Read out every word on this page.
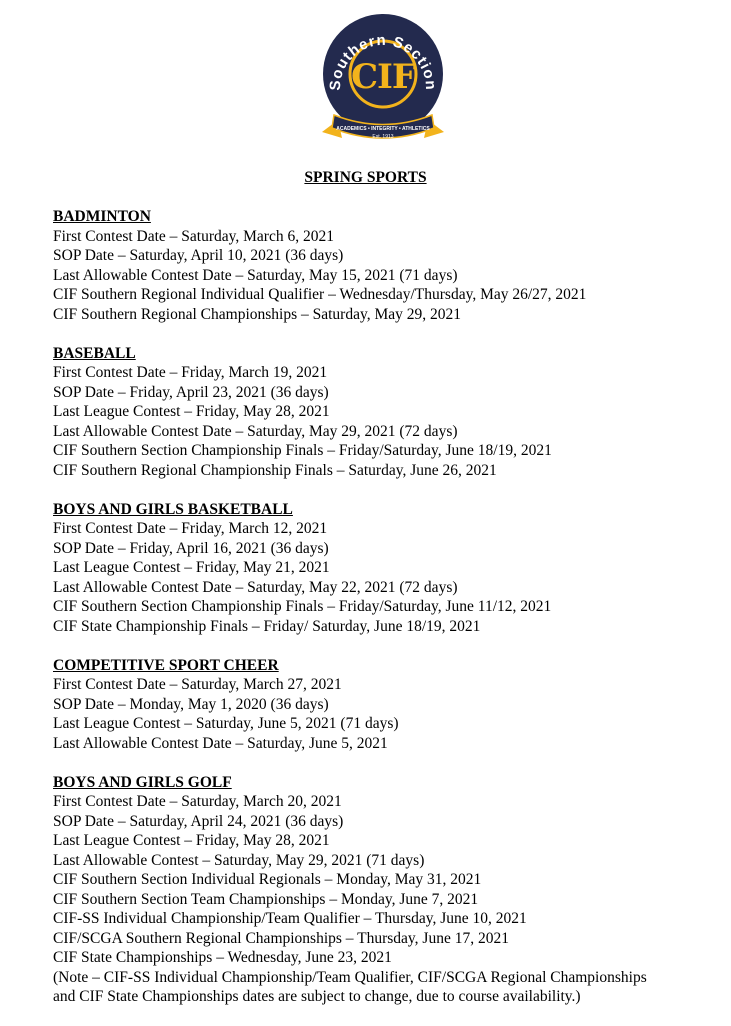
Southern Section
CIF
ACADEMICS • INTEGRITY • ATHLETICS
Est. 1913
SPRING SPORTS
BADMINTON
First Contest Date – Saturday, March 6, 2021
SOP Date – Saturday, April 10, 2021 (36 days)
Last Allowable Contest Date – Saturday, May 15, 2021 (71 days)
CIF Southern Regional Individual Qualifier – Wednesday/Thursday, May 26/27, 2021
CIF Southern Regional Championships – Saturday, May 29, 2021
BASEBALL
First Contest Date – Friday, March 19, 2021
SOP Date – Friday, April 23, 2021 (36 days)
Last League Contest – Friday, May 28, 2021
Last Allowable Contest Date – Saturday, May 29, 2021 (72 days)
CIF Southern Section Championship Finals – Friday/Saturday, June 18/19, 2021
CIF Southern Regional Championship Finals – Saturday, June 26, 2021
BOYS AND GIRLS BASKETBALL
First Contest Date – Friday, March 12, 2021
SOP Date – Friday, April 16, 2021 (36 days)
Last League Contest – Friday, May 21, 2021
Last Allowable Contest Date – Saturday, May 22, 2021 (72 days)
CIF Southern Section Championship Finals – Friday/Saturday, June 11/12, 2021
CIF State Championship Finals – Friday/ Saturday, June 18/19, 2021
COMPETITIVE SPORT CHEER
First Contest Date – Saturday, March 27, 2021
SOP Date – Monday, May 1, 2020 (36 days)
Last League Contest – Saturday, June 5, 2021 (71 days)
Last Allowable Contest Date – Saturday, June 5, 2021
BOYS AND GIRLS GOLF
First Contest Date – Saturday, March 20, 2021
SOP Date – Saturday, April 24, 2021 (36 days)
Last League Contest – Friday, May 28, 2021
Last Allowable Contest – Saturday, May 29, 2021 (71 days)
CIF Southern Section Individual Regionals – Monday, May 31, 2021
CIF Southern Section Team Championships – Monday, June 7, 2021
CIF-SS Individual Championship/Team Qualifier – Thursday, June 10, 2021
CIF/SCGA Southern Regional Championships – Thursday, June 17, 2021
CIF State Championships – Wednesday, June 23, 2021
(Note – CIF-SS Individual Championship/Team Qualifier, CIF/SCGA Regional Championships
and CIF State Championships dates are subject to change, due to course availability.)
